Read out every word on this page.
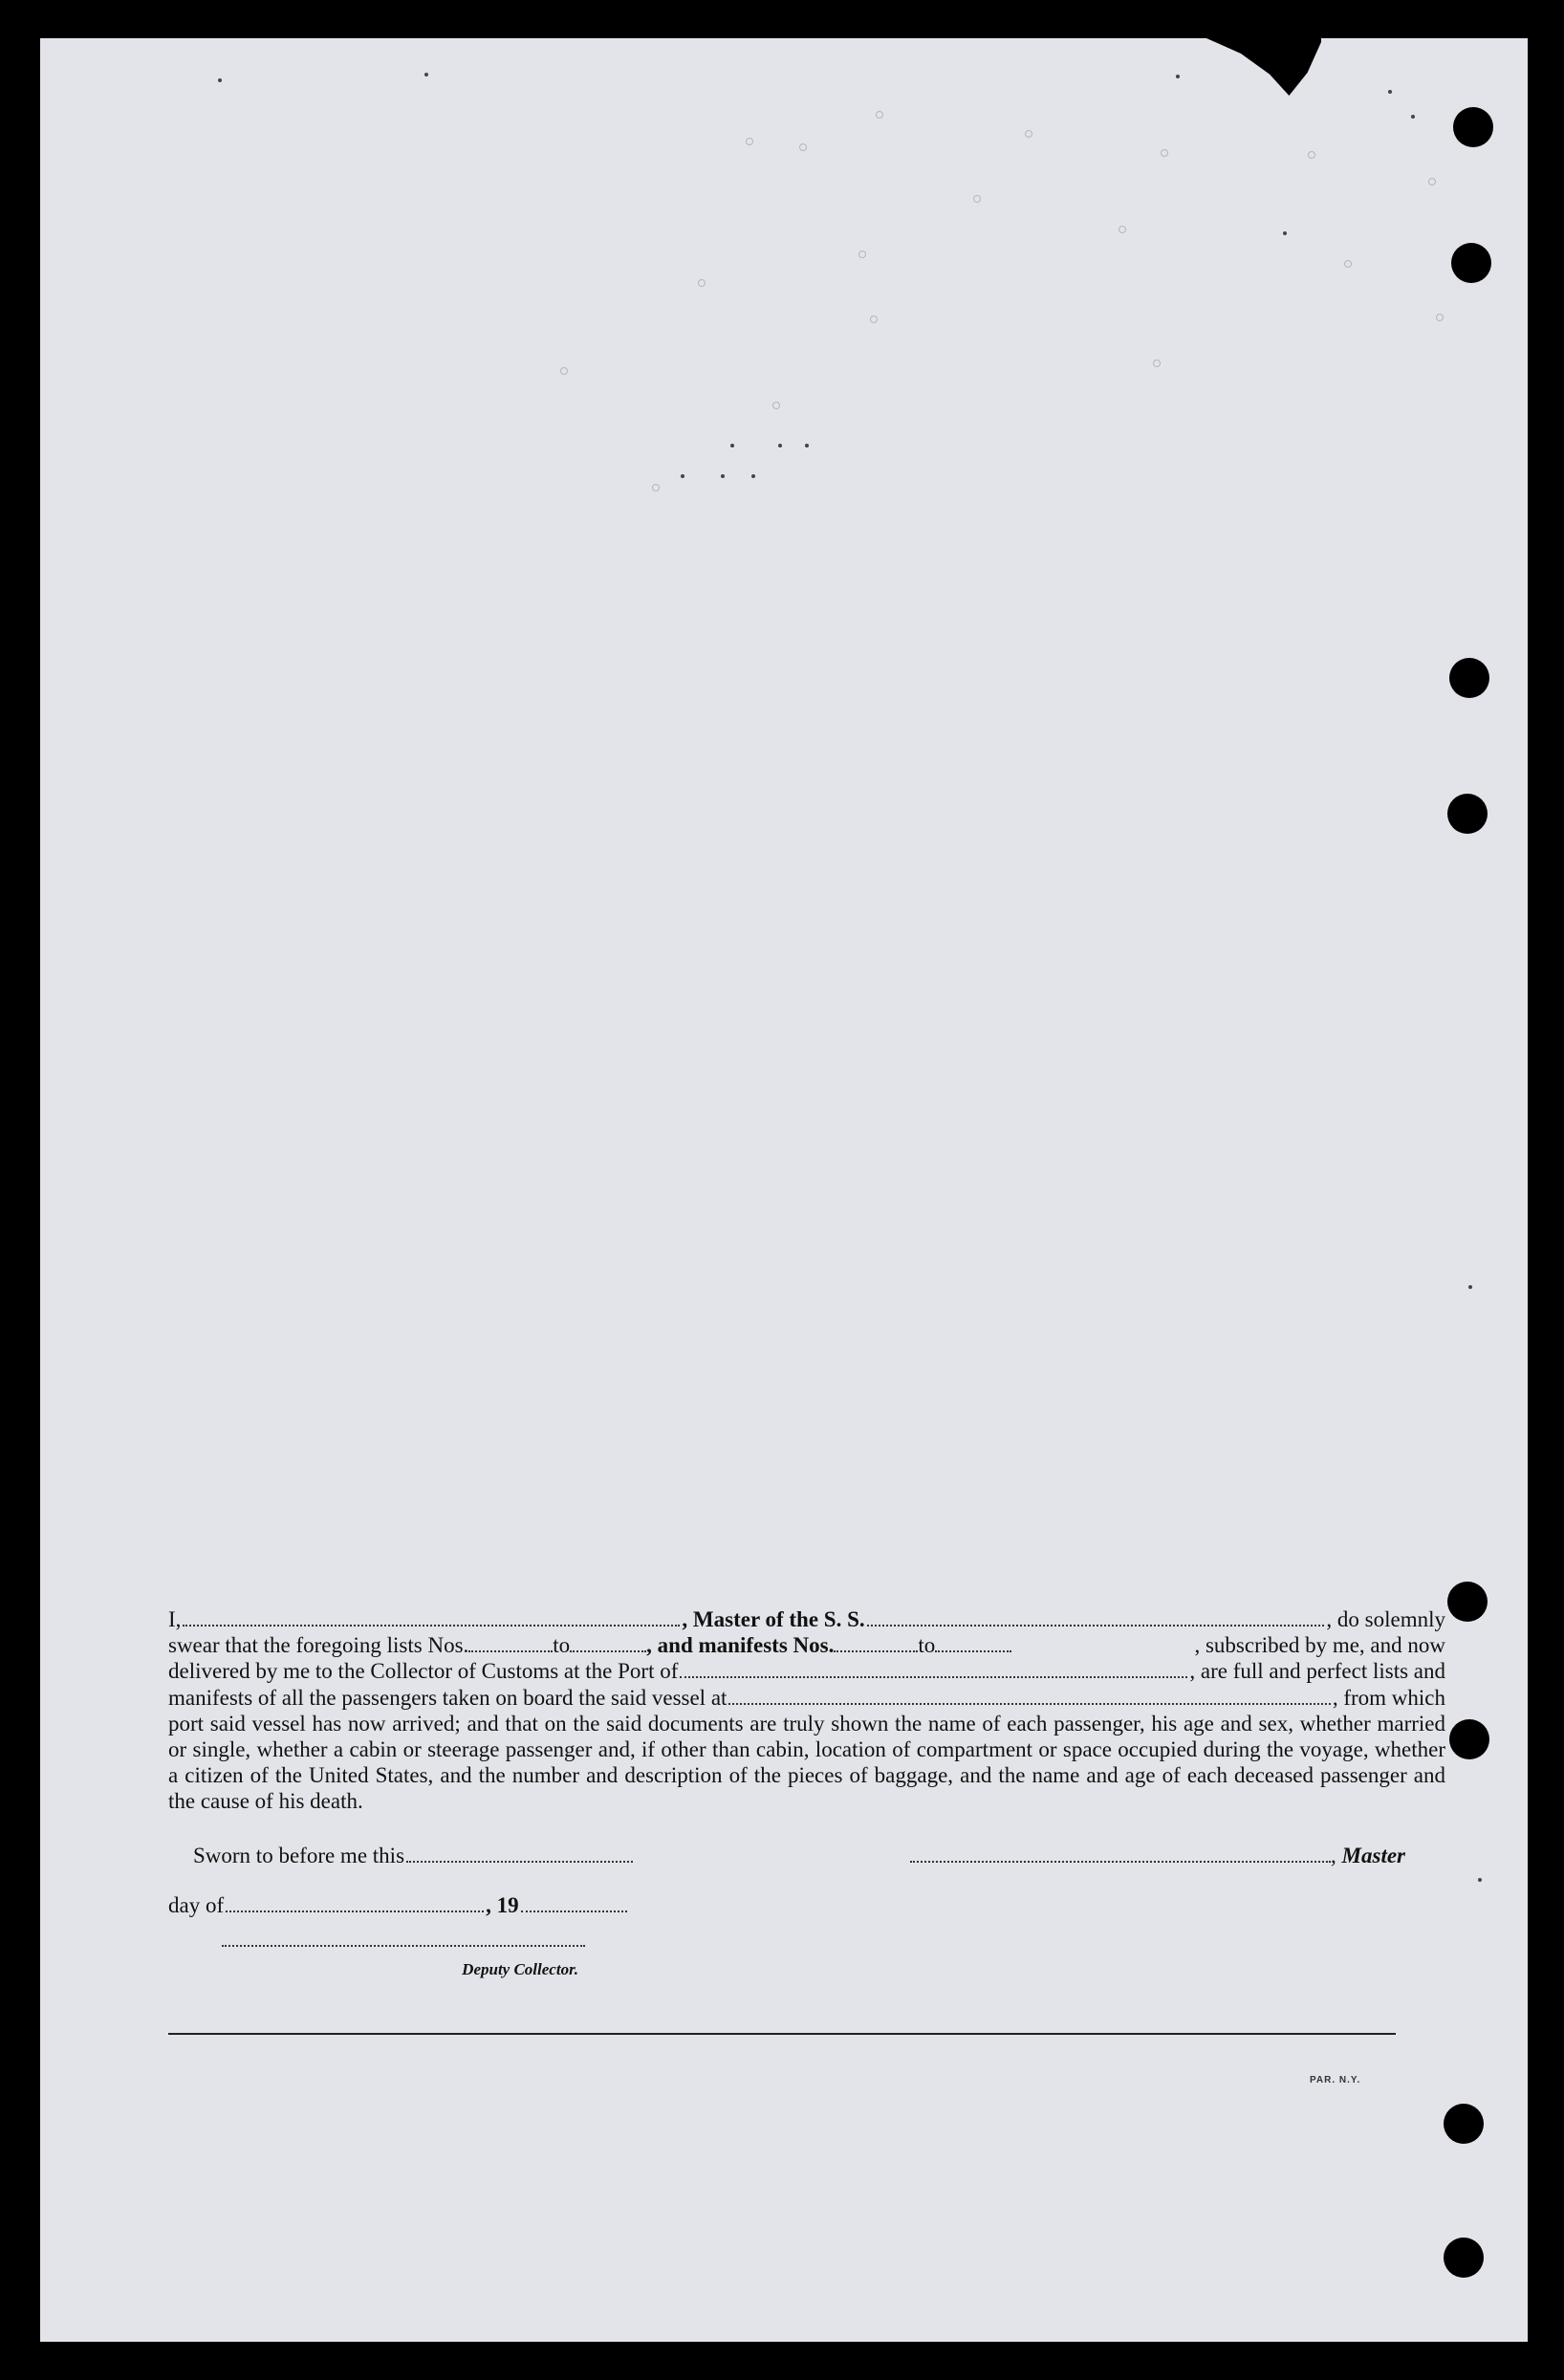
I,	, Master of the S. S.	, do solemnly

swear that the foregoing lists Nos.	to	, and manifests Nos.	to	, subscribed by me, and now

delivered by me to the Collector of Customs at the Port of	, are full and perfect lists and

manifests of all the passengers taken on board the said vessel at	, from which

port said vessel has now arrived; and that on the said documents are truly shown the name of each passenger, his age and sex, whether married or single, whether a cabin or steerage passenger and, if other than cabin, location of compartment or space occupied during the voyage, whether a citizen of the United States, and the number and description of the pieces of baggage, and the name and age of each deceased passenger and the cause of his death.

Sworn to before me this	, Master
day of	, 19
Deputy Collector.
PAR. N.Y.
